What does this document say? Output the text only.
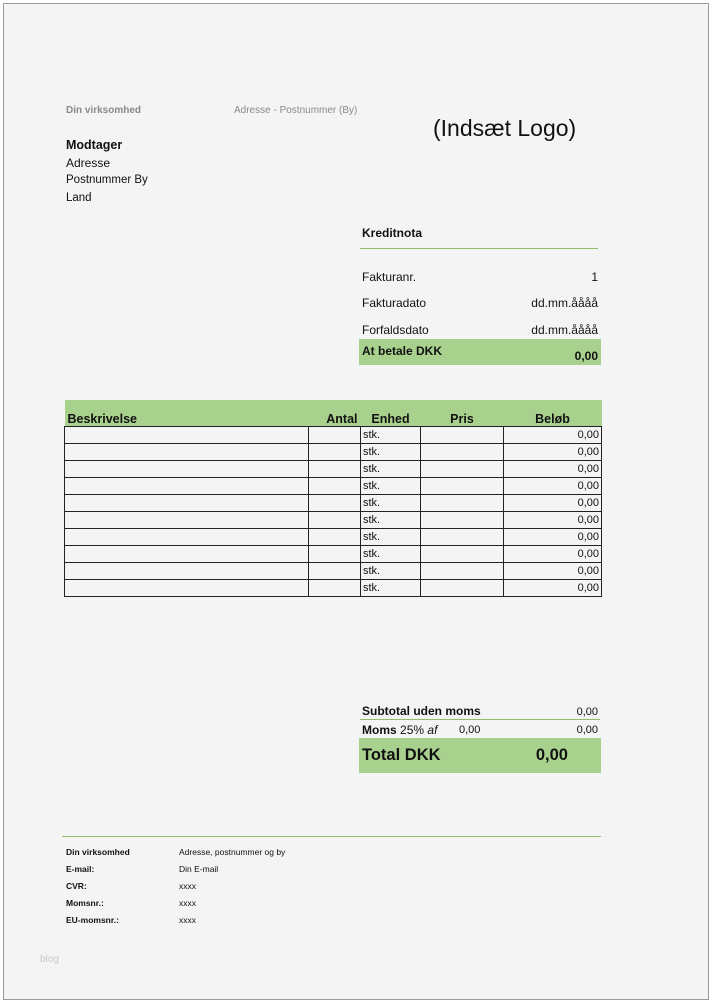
Din virksomhed	Adresse - Postnummer (By)
(Indsæt Logo)
Modtager
Adresse
Postnummer By
Land
Kreditnota
Fakturanr.	1
Fakturadato	dd.mm.åååå
Forfaldsdato	dd.mm.åååå
At betale DKK	0,00
Beskrivelse	Antal	Enhed	Pris	Beløb
		stk.		0,00
		stk.		0,00
		stk.		0,00
		stk.		0,00
		stk.		0,00
		stk.		0,00
		stk.		0,00
		stk.		0,00
		stk.		0,00
		stk.		0,00
Subtotal uden moms	0,00
Moms 25% af 0,00	0,00
Total DKK	0,00
Din virksomhed	Adresse, postnummer og by
E-mail:	Din E-mail
CVR:	xxxx
Momsnr.:	xxxx
EU-momsnr.:	xxxx
blog
